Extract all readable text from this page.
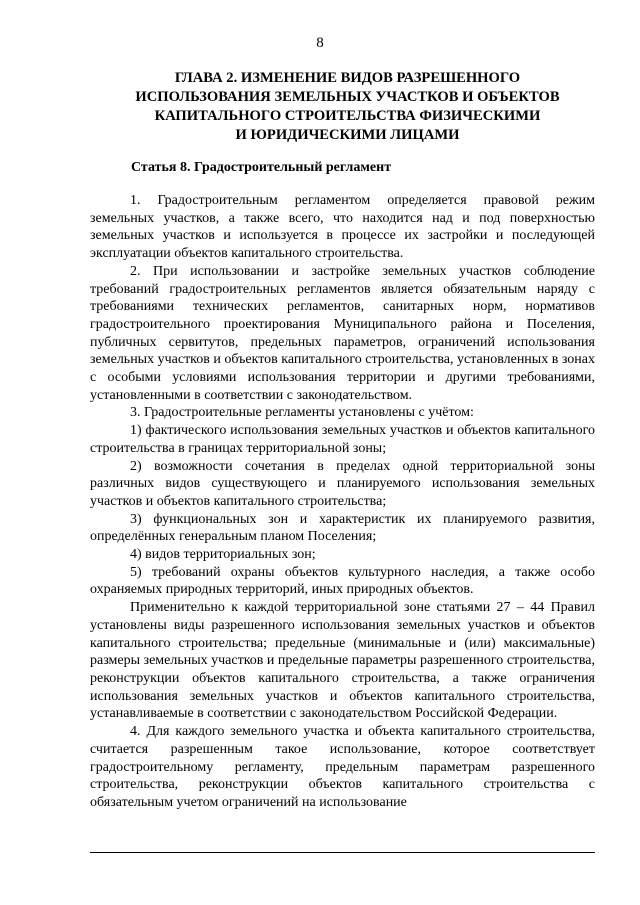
8
ГЛАВА 2. ИЗМЕНЕНИЕ ВИДОВ РАЗРЕШЕННОГО
ИСПОЛЬЗОВАНИЯ ЗЕМЕЛЬНЫХ УЧАСТКОВ И ОБЪЕКТОВ
КАПИТАЛЬНОГО СТРОИТЕЛЬСТВА ФИЗИЧЕСКИМИ
И ЮРИДИЧЕСКИМИ ЛИЦАМИ
Статья 8. Градостроительный регламент

1. Градостроительным регламентом определяется правовой режим земельных участков, а также всего, что находится над и под поверхностью земельных участков и используется в процессе их застройки и последующей эксплуатации объектов капитального строительства.

2. При использовании и застройке земельных участков соблюдение требований градостроительных регламентов является обязательным наряду с требованиями технических регламентов, санитарных норм, нормативов градостроительного проектирования Муниципального района и Поселения, публичных сервитутов, предельных параметров, ограничений использования земельных участков и объектов капитального строительства, установленных в зонах с особыми условиями использования территории и другими требованиями, установленными в соответствии с законодательством.

3. Градостроительные регламенты установлены с учётом:

1) фактического использования земельных участков и объектов капитального строительства в границах территориальной зоны;

2) возможности сочетания в пределах одной территориальной зоны различных видов существующего и планируемого использования земельных участков и объектов капитального строительства;

3) функциональных зон и характеристик их планируемого развития, определённых генеральным планом Поселения;

4) видов территориальных зон;

5) требований охраны объектов культурного наследия, а также особо охраняемых природных территорий, иных природных объектов.

Применительно к каждой территориальной зоне статьями 27 – 44 Правил установлены виды разрешенного использования земельных участков и объектов капитального строительства; предельные (минимальные и (или) максимальные) размеры земельных участков и предельные параметры разрешенного строительства, реконструкции объектов капитального строительства, а также ограничения использования земельных участков и объектов капитального строительства, устанавливаемые в соответствии с законодательством Российской Федерации.

4. Для каждого земельного участка и объекта капитального строительства, считается разрешенным такое использование, которое соответствует градостроительному регламенту, предельным параметрам разрешенного строительства, реконструкции объектов капитального строительства с обязательным учетом ограничений на использование
